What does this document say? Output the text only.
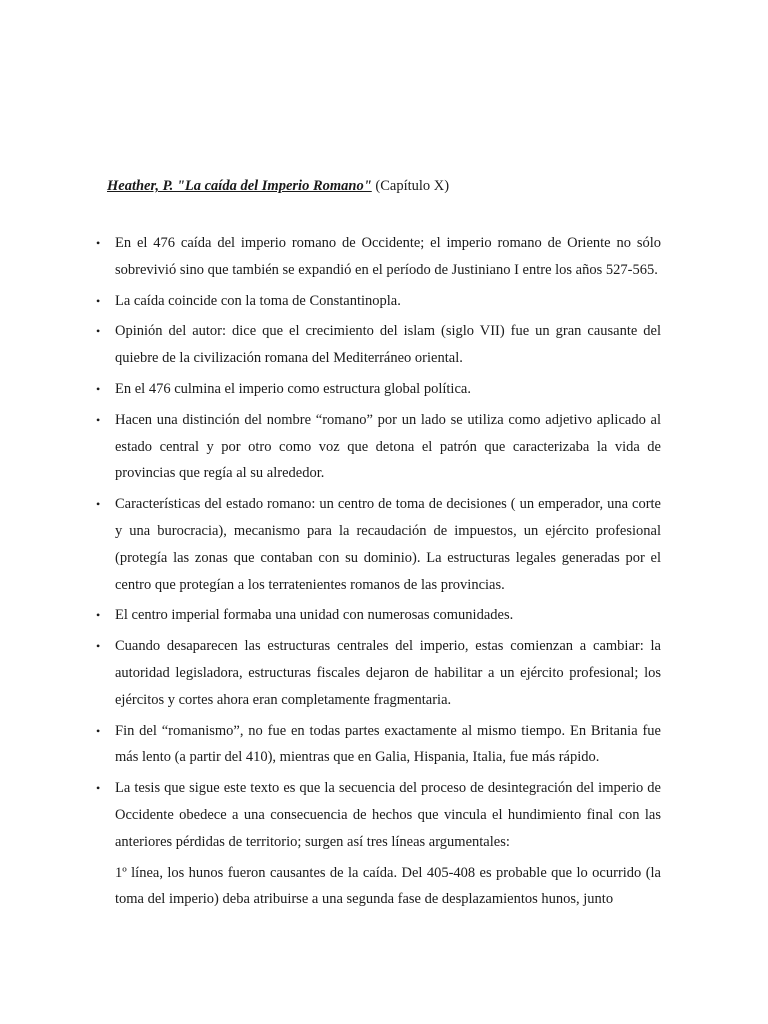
Heather, P. "La caída del Imperio Romano" (Capítulo X)
•	En el 476 caída del imperio romano de Occidente; el imperio romano de Oriente no sólo sobrevivió sino que también se expandió en el período de Justiniano I entre los años 527-565.
•	La caída coincide con la toma de Constantinopla.
•	Opinión del autor: dice que el crecimiento del islam (siglo VII) fue un gran causante del quiebre de la civilización romana del Mediterráneo oriental.
•	En el 476 culmina el imperio como estructura global política.
•	Hacen una distinción del nombre “romano” por un lado se utiliza como adjetivo aplicado al estado central y por otro como voz que detona el patrón que caracterizaba la vida de provincias que regía al su alrededor.
•	Características del estado romano: un centro de toma de decisiones ( un emperador, una corte y una burocracia), mecanismo para la recaudación de impuestos, un ejército profesional (protegía las zonas que contaban con su dominio). La estructuras legales generadas por el centro que protegían a los terratenientes romanos de las provincias.
•	El centro imperial formaba una unidad con numerosas comunidades.
•	Cuando desaparecen las estructuras centrales del imperio, estas comienzan a cambiar: la autoridad legisladora, estructuras fiscales dejaron de habilitar a un ejército profesional; los ejércitos y cortes ahora eran completamente fragmentaria.
•	Fin del “romanismo”, no fue en todas partes exactamente al mismo tiempo. En Britania fue más lento (a partir del 410), mientras que en Galia, Hispania, Italia, fue más rápido.
•	La tesis que sigue este texto es que la secuencia del proceso de desintegración del imperio de Occidente obedece a una consecuencia de hechos que vincula el hundimiento final con las anteriores pérdidas de territorio; surgen así tres líneas argumentales:
1º línea, los hunos fueron causantes de la caída. Del 405-408 es probable que lo ocurrido (la toma del imperio) deba atribuirse a una segunda fase de desplazamientos hunos, junto
